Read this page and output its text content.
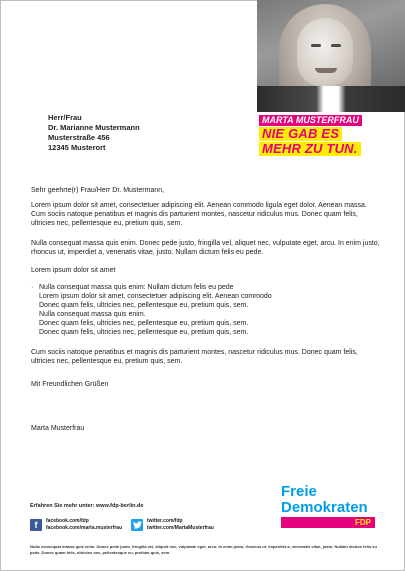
MARTA MUSTERFRAU
NIE GAB ES
MEHR ZU TUN.
Herr/Frau
Dr. Marianne Mustermann
Musterstraße 456
12345 Musterort
Sehr geehrte(r) Frau/Herr Dr. Mustermann,

Lorem ipsum dolor sit amet, consectetuer adipiscing elit. Aenean commodo ligula eget dolor. Aenean massa. Cum sociis natoque penatibus et magnis dis parturient montes, nascetur ridiculus mus. Donec quam felis, ultricies nec, pellentesque eu, pretium quis, sem.

Nulla consequat massa quis enim. Donec pede justo, fringilla vel, aliquet nec, vulputate eget, arcu. In enim justo, rhoncus ut, imperdiet a, venenatis vitae, justo. Nullam dictum felis eu pede.

Lorem ipsum dolor sit amet

· Nulla consequat massa quis enim: Nullam dictum felis eu pede
Lorem ipsum dolor sit amet, consectetuer adipiscing elit. Aenean commodo
Donec quam felis, ultricies nec, pellentesque eu, pretium quis, sem.
Nulla consequat massa quis enim.
Donec quam felis, ultricies nec, pellentesque eu, pretium quis, sem.
Donec quam felis, ultricies nec, pellentesque eu, pretium quis, sem.

Cum sociis natoque penatibus et magnis dis parturient montes, nascetur ridiculus mus. Donec quam felis, ultricies nec, pellentesque eu, pretium quis, sem.

Mit Freundlichen Grüßen
Marta Musterfrau
Erfahren Sie mehr unter: www.fdp-berlin.de
f	facebook.com/fdp
facebook.com/marta.musterfrau
twitter.com/fdp
twitter.com/MartaMusterfrau
Freie
Demokraten
FDP
Nulla consequat massa quis enim. Donec pede justo, fringilla vel, aliquet nec, vulputate eget, arcu. In enim justo, rhoncus ut, imperdiet a, venenatis vitae, justo. Nullam dictum felis eu pede. Donec quam felis, ultricies nec, pellentesque eu, pretium quis, sem.
